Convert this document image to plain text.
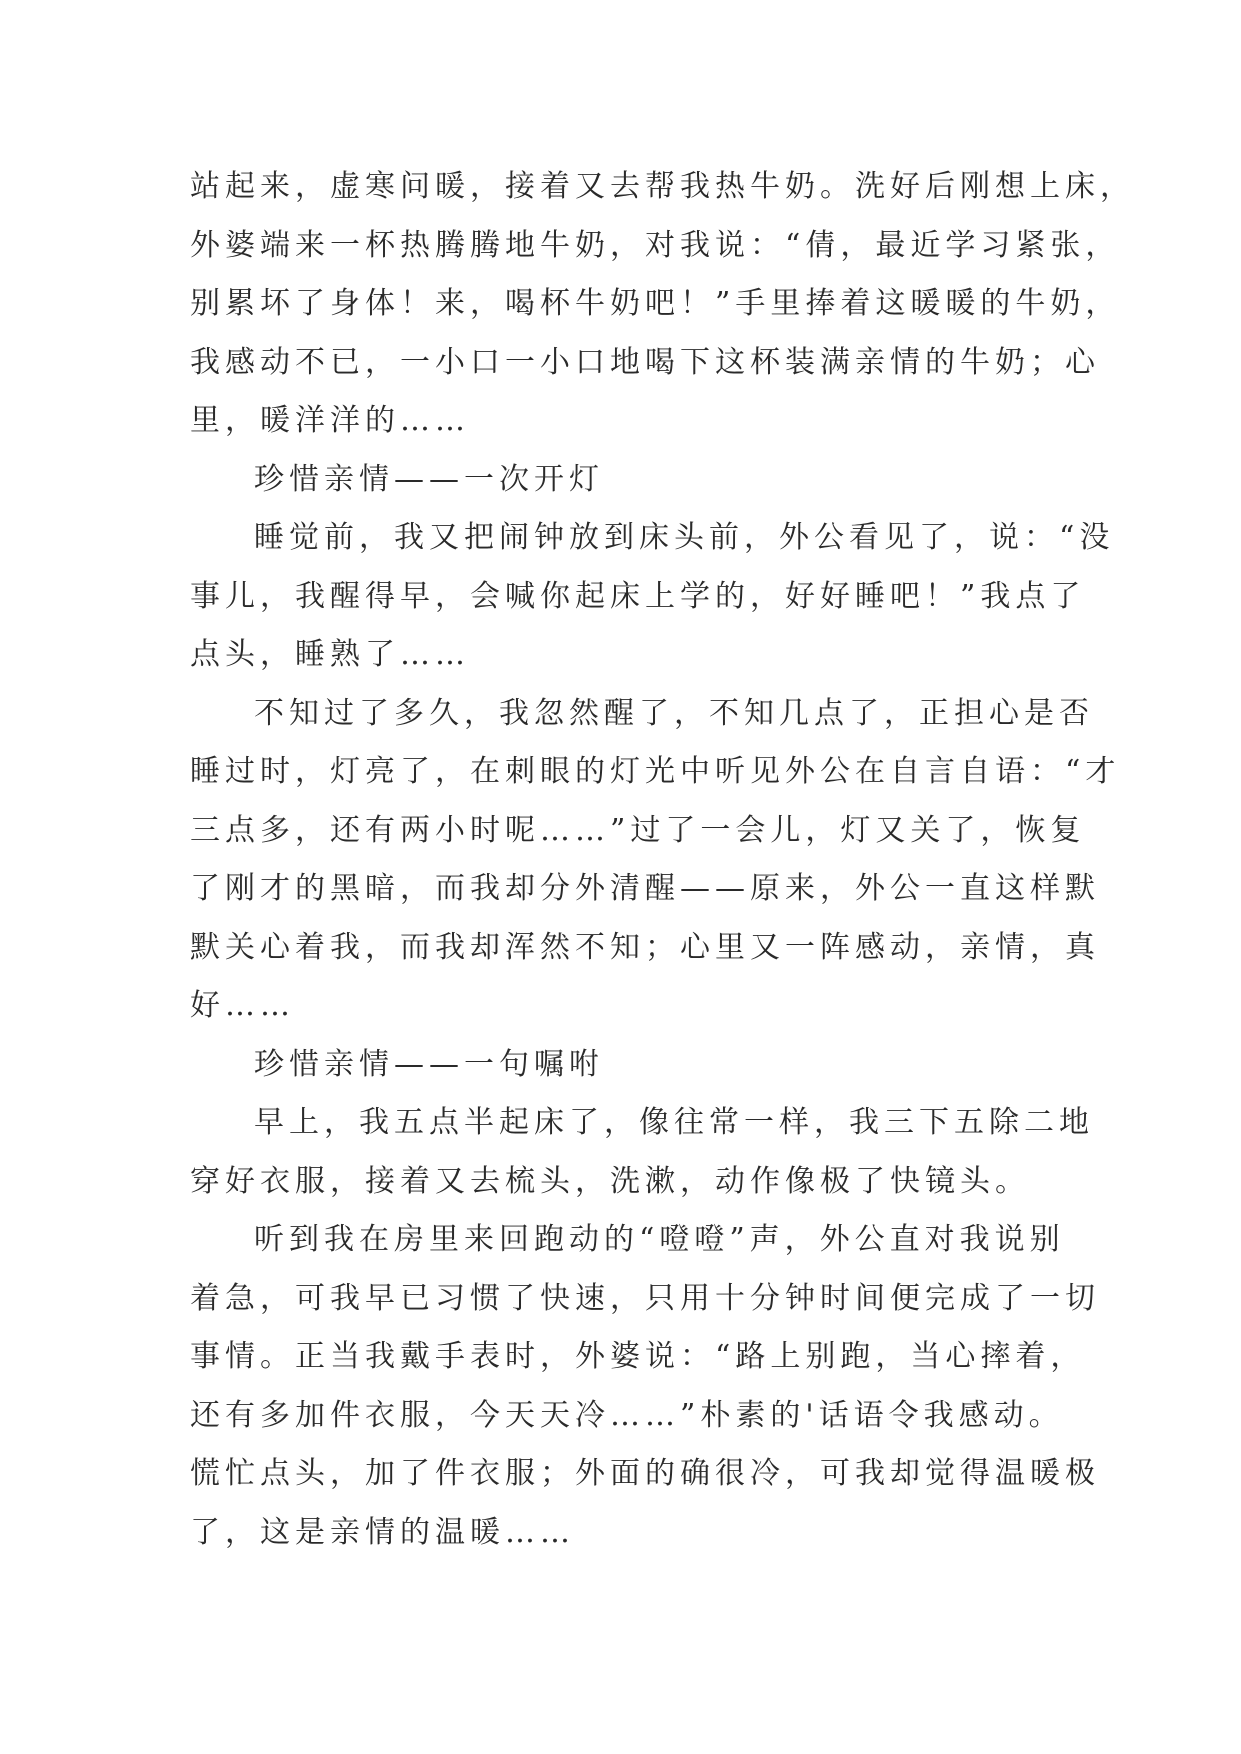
站起来，虚寒问暖，接着又去帮我热牛奶。洗好后刚想上床，
外婆端来一杯热腾腾地牛奶，对我说：“倩，最近学习紧张，
别累坏了身体！来，喝杯牛奶吧！”手里捧着这暖暖的牛奶，
我感动不已，一小口一小口地喝下这杯装满亲情的牛奶；心
里，暖洋洋的……
珍惜亲情——一次开灯
睡觉前，我又把闹钟放到床头前，外公看见了，说：“没
事儿，我醒得早，会喊你起床上学的，好好睡吧！”我点了
点头，睡熟了……
不知过了多久，我忽然醒了，不知几点了，正担心是否
睡过时，灯亮了，在刺眼的灯光中听见外公在自言自语：“才
三点多，还有两小时呢……”过了一会儿，灯又关了，恢复
了刚才的黑暗，而我却分外清醒——原来，外公一直这样默
默关心着我，而我却浑然不知；心里又一阵感动，亲情，真
好……
珍惜亲情——一句嘱咐
早上，我五点半起床了，像往常一样，我三下五除二地
穿好衣服，接着又去梳头，洗漱，动作像极了快镜头。
听到我在房里来回跑动的“噔噔”声，外公直对我说别
着急，可我早已习惯了快速，只用十分钟时间便完成了一切
事情。正当我戴手表时，外婆说：“路上别跑，当心摔着，
还有多加件衣服，今天天冷……”朴素的'话语令我感动。
慌忙点头，加了件衣服；外面的确很冷，可我却觉得温暖极
了，这是亲情的温暖……
